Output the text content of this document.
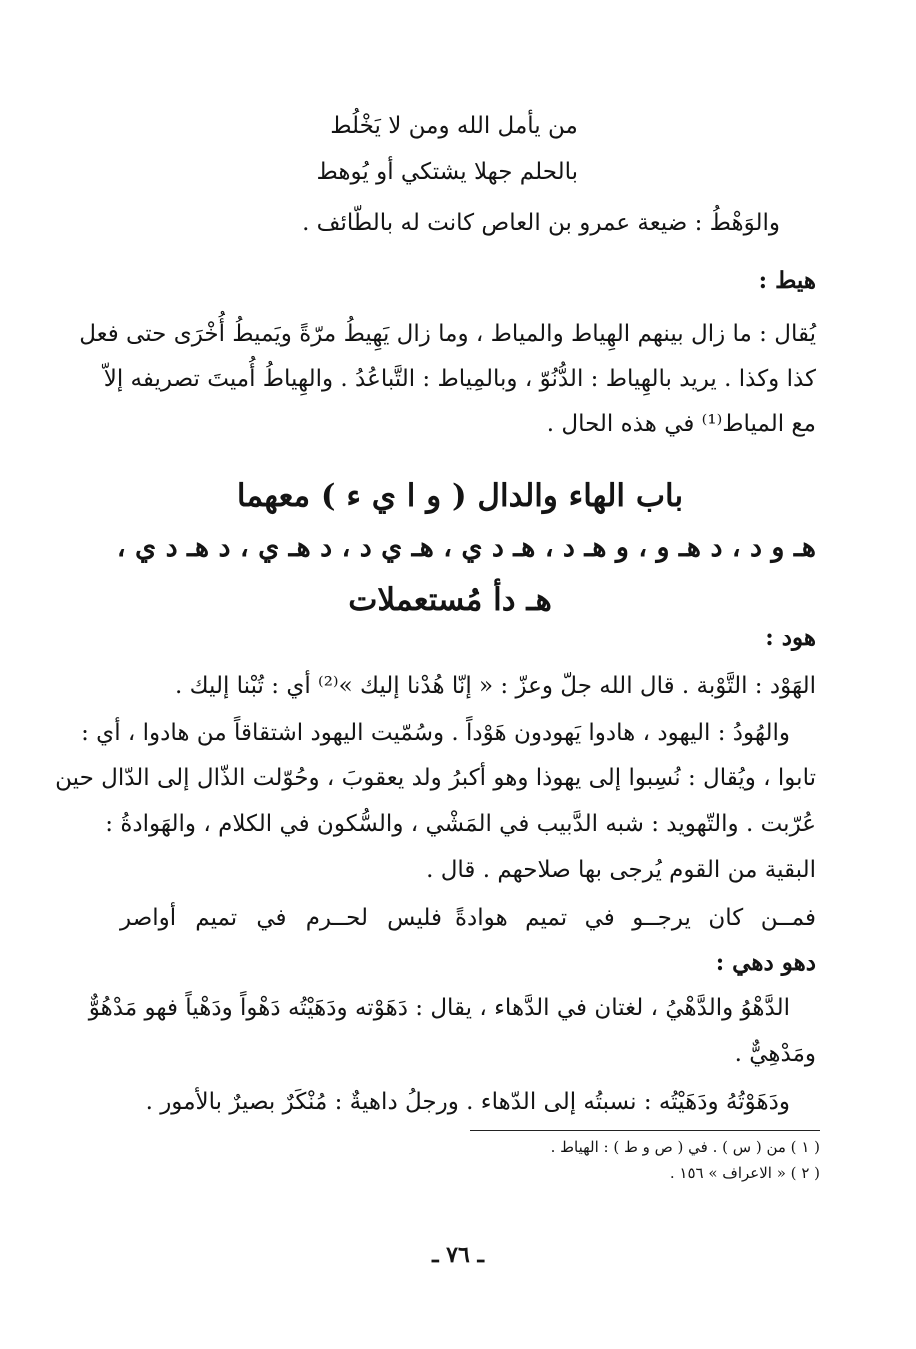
من يأمل الله ومن لا يَخْلُط

بالحلم جهلا يشتكي أو يُوهط

والوَهْطُ : ضيعة عمرو بن العاص كانت له بالطّائف .

هيط :

يُقال : ما زال بينهم الهِياط والمياط ، وما زال يَهِيطُ مرّةً ويَميطُ أُخْرَى حتى فعل

كذا وكذا . يريد بالهِياط : الدُّنُوّ ، وبالمِياط : التَّباعُدُ . والهِياطُ أُميتَ تصريفه إلاّ

مع المياط⁽¹⁾ في هذه الحال .

باب الهاء والدال ( و ا ي ء ) معهما

هـ و د ، د هـ و ، و هـ د ، هـ د ي ، هـ ي د ، د هـ ي ، د هـ د ي ،

هـ دأ مُستعملات

هود :

الهَوْد : التَّوْبة . قال الله جلّ وعزّ : « إنّا هُدْنا إليك »⁽²⁾ أي : تُبْنا إليك .

والهُودُ : اليهود ، هادوا يَهودون هَوْداً . وسُمّيت اليهود اشتقاقاً من هادوا ، أي :

تابوا ، ويُقال : نُسِبوا إلى يهوذا وهو أكبرُ ولد يعقوبَ ، وحُوّلت الذّال إلى الدّال حين

عُرّبت . والتّهويد : شبه الدَّبيب في المَشْي ، والسُّكون في الكلام ، والهَوادةُ :

البقية من القوم يُرجى بها صلاحهم . قال .

فمــن كان يرجــو في تميم هوادةً

فليس لحــرم في تميم أواصر

دهو دهي :

الدَّهْوُ والدَّهْيُ ، لغتان في الدَّهاء ، يقال : دَهَوْته ودَهَيْتُه دَهْواً ودَهْياً فهو مَدْهُوٌّ

ومَدْهِيٌّ .

ودَهَوْتُهُ ودَهَيْتُه : نسبتُه إلى الدّهاء . ورجلُ داهيةٌ : مُنْكَرٌ بصيرٌ بالأمور .

( ١ ) من ( س ) . في ( ص و ط ) : الهياط .

( ٢ ) « الاعراف » ١٥٦ .

ـ ٧٦ ـ
